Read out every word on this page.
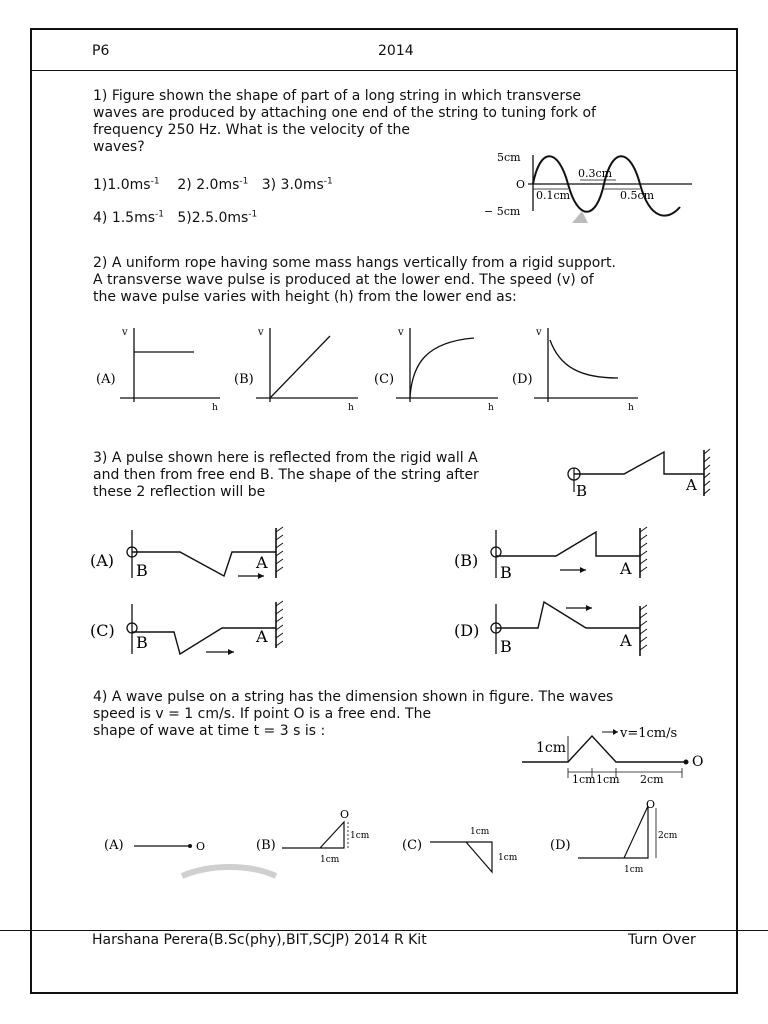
P6	2014

1) Figure shown the shape of part of a long string in which transverse

waves are produced by attaching one end of the string to tuning fork of

frequency 250 Hz. What is the velocity of the

waves?

$1)1.0ms^{-1}$ 2) $2.0ms^{-1}$ 3) $3.0ms^{-1}$
4) $1.5ms^{-1}$ $5)2.5.0ms^{-1}$
5cm
O
− 5cm
0.3cm
0.1cm	0.5cm

2) A uniform rope having some mass hangs vertically from a rigid support.

A transverse wave pulse is produced at the lower end. The speed (v) of

the wave pulse varies with height (h) from the lower end as:

v
h
(A)
v
h
(B)
v
h
(C)
v
h
(D)

3) A pulse shown here is reflected from the rigid wall A

and then from free end B. The shape of the string after

these 2 reflection will be	B	A
(A)
B	A	(B)
B	A
(C)
B	A	(D)
B	A

4) A wave pulse on a string has the dimension shown in figure. The waves

speed is v = 1 cm/s. If point O is a free end. The

shape of wave at time t = 3 s is :

1cm
v=1cm/s
1cm 1cm 2cm
O
(A)	O	(B)
O
1cm
1cm
(C)
1cm
1cm
(D)
O
2cm
1cm
Harshana Perera(B.Sc(phy),BIT,SCJP) 2014 R Kit	Turn Over
